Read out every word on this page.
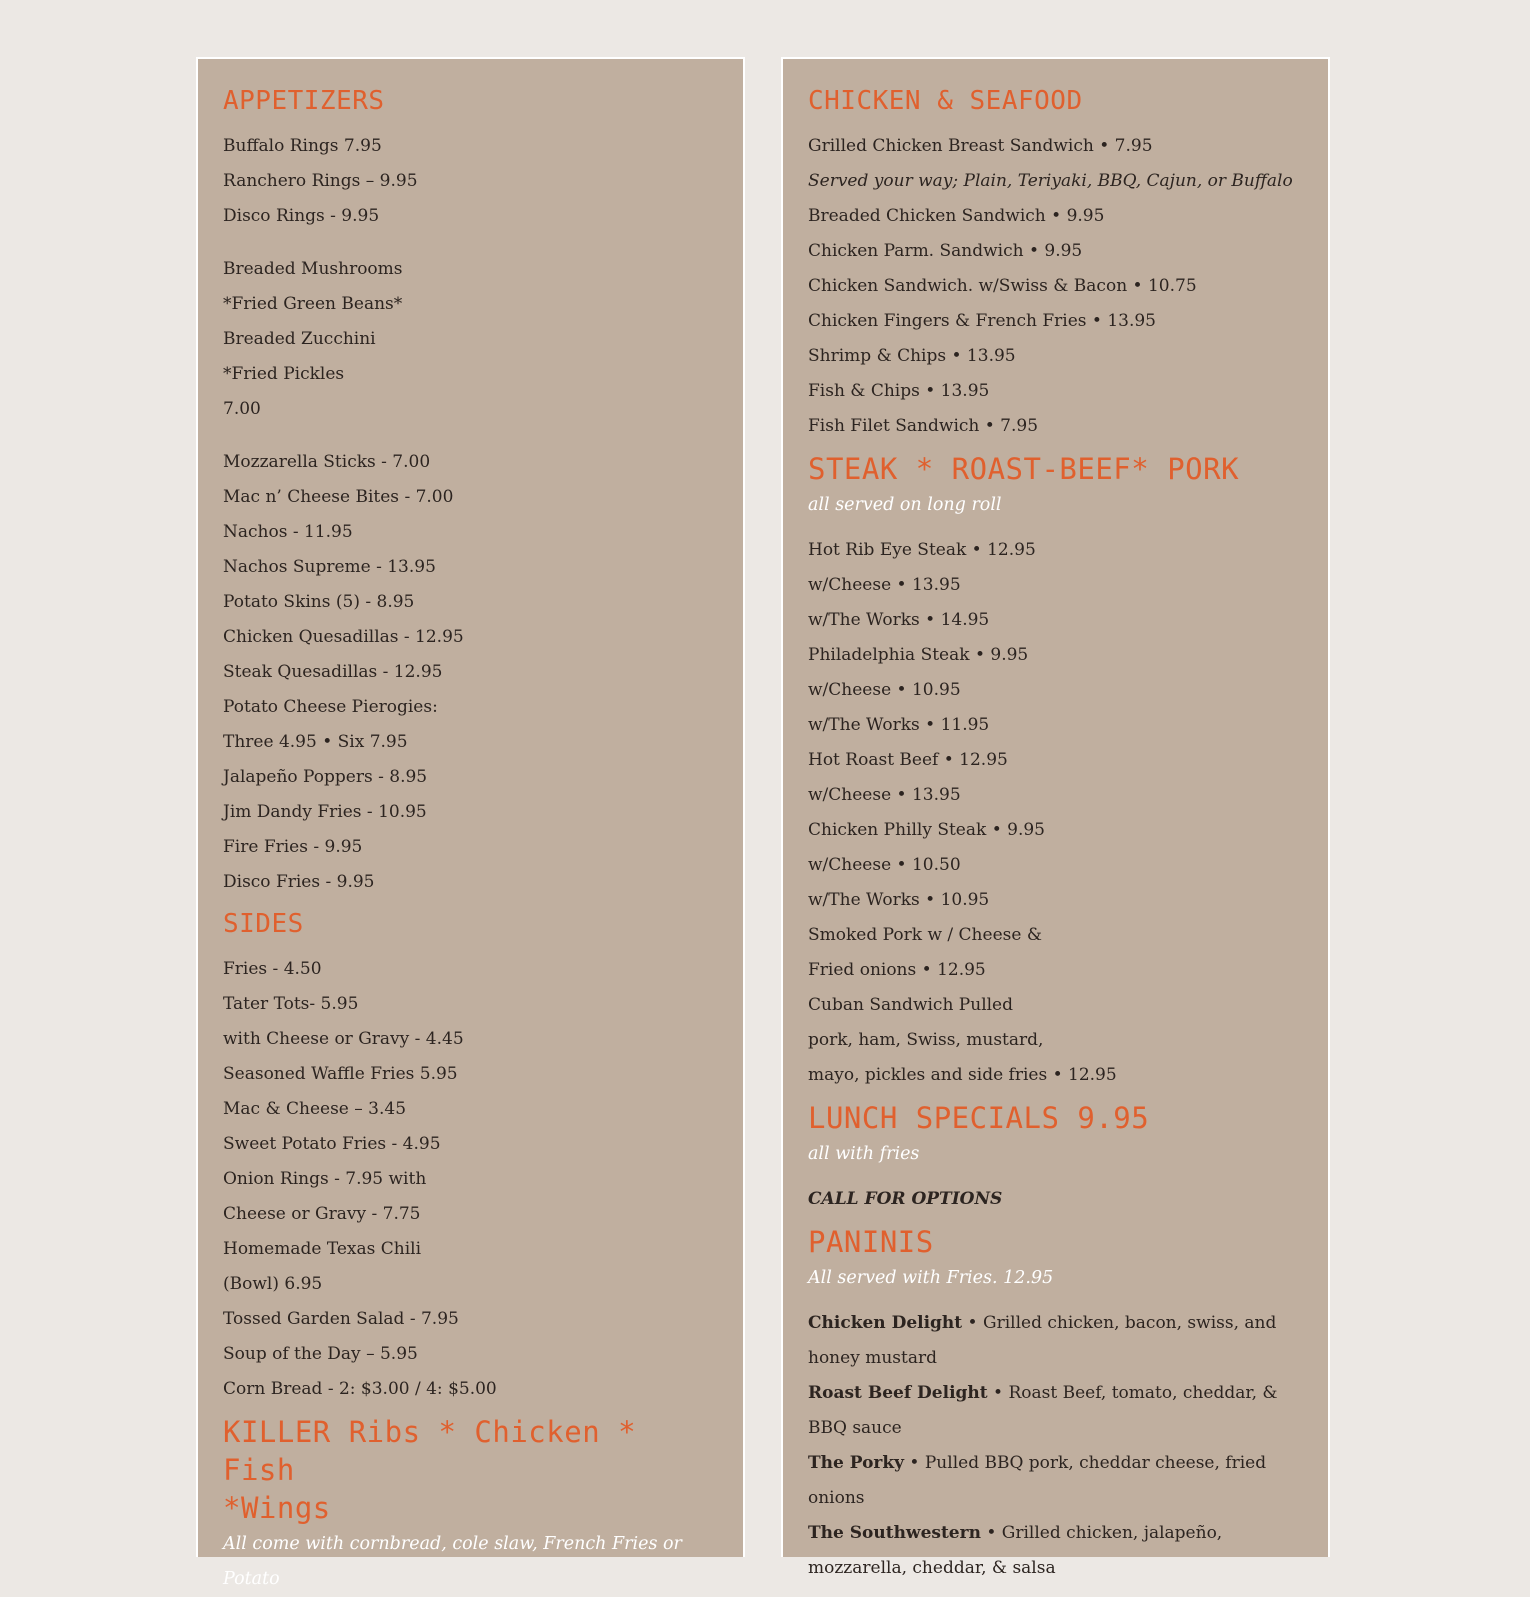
APPETIZERS

Buffalo Rings 7.95

Ranchero Rings – 9.95

Disco Rings - 9.95

Breaded Mushrooms

*Fried Green Beans*

Breaded Zucchini

*Fried Pickles

7.00

Mozzarella Sticks - 7.00

Mac n’ Cheese Bites - 7.00

Nachos - 11.95

Nachos Supreme - 13.95

Potato Skins (5) - 8.95

Chicken Quesadillas - 12.95

Steak Quesadillas - 12.95

Potato Cheese Pierogies:

Three 4.95 • Six 7.95

Jalapeño Poppers - 8.95

Jim Dandy Fries - 10.95

Fire Fries - 9.95

Disco Fries - 9.95

SIDES

Fries - 4.50

Tater Tots- 5.95

with Cheese or Gravy - 4.45

Seasoned Waffle Fries 5.95

Mac & Cheese – 3.45

Sweet Potato Fries - 4.95

Onion Rings - 7.95 with

Cheese or Gravy - 7.75

Homemade Texas Chili

(Bowl) 6.95

Tossed Garden Salad - 7.95

Soup of the Day – 5.95

Corn Bread - 2: $3.00 / 4: $5.00

KILLER Ribs * Chicken * Fish
*Wings

All come with cornbread, cole slaw, French Fries or Potato

CHICKEN & SEAFOOD

Grilled Chicken Breast Sandwich • 7.95

Served your way; Plain, Teriyaki, BBQ, Cajun, or Buffalo

Breaded Chicken Sandwich • 9.95

Chicken Parm. Sandwich • 9.95

Chicken Sandwich. w/Swiss & Bacon • 10.75

Chicken Fingers & French Fries • 13.95

Shrimp & Chips • 13.95

Fish & Chips • 13.95

Fish Filet Sandwich • 7.95

STEAK * ROAST-BEEF* PORK

all served on long roll

Hot Rib Eye Steak • 12.95

w/Cheese • 13.95

w/The Works • 14.95

Philadelphia Steak • 9.95

w/Cheese • 10.95

w/The Works • 11.95

Hot Roast Beef • 12.95

w/Cheese • 13.95

Chicken Philly Steak • 9.95

w/Cheese • 10.50

w/The Works • 10.95

Smoked Pork w / Cheese &

Fried onions • 12.95

Cuban Sandwich Pulled

pork, ham, Swiss, mustard,

mayo, pickles and side fries • 12.95

LUNCH SPECIALS 9.95

all with fries

CALL FOR OPTIONS

PANINIS

All served with Fries. 12.95

Chicken Delight • Grilled chicken, bacon, swiss, and honey mustard

Roast Beef Delight • Roast Beef, tomato, cheddar, & BBQ sauce

The Porky • Pulled BBQ pork, cheddar cheese, fried onions

The Southwestern • Grilled chicken, jalapeño, mozzarella, cheddar, & salsa
